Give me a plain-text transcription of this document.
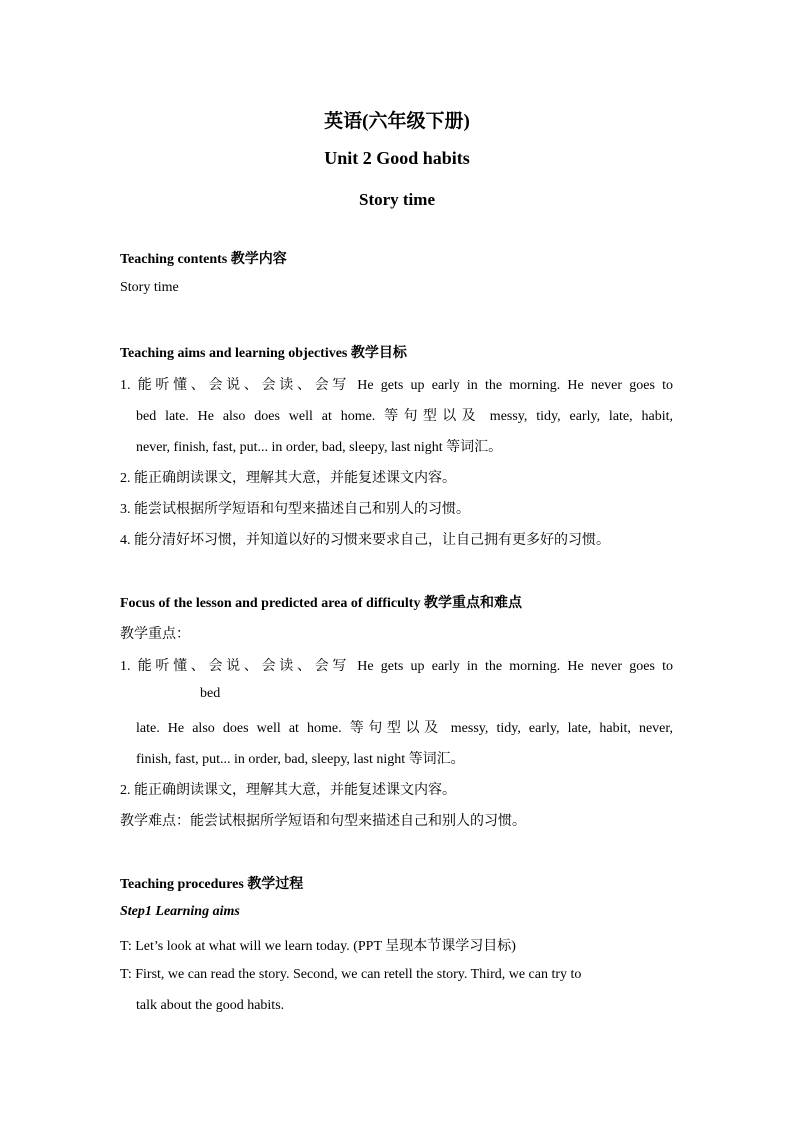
英语(六年级下册)
Unit 2 Good habits
Story time
Teaching contents 教学内容
Story time
Teaching aims and learning objectives 教学目标
1. 能听懂、会说、会读、会写 He gets up early in the morning. He never goes to
bed late. He also does well at home. 等句型以及 messy, tidy, early, late, habit,
never, finish, fast, put... in order, bad, sleepy, last night 等词汇。
2. 能正确朗读课文，理解其大意，并能复述课文内容。
3. 能尝试根据所学短语和句型来描述自己和别人的习惯。
4. 能分清好坏习惯，并知道以好的习惯来要求自己，让自己拥有更多好的习惯。
Focus of the lesson and predicted area of difficulty 教学重点和难点
教学重点：
1. 能听懂、会说、会读、会写 He gets up early in the morning. He never goes to
bed
late. He also does well at home. 等句型以及 messy, tidy, early, late, habit, never,
finish, fast, put... in order, bad, sleepy, last night 等词汇。
2. 能正确朗读课文，理解其大意，并能复述课文内容。
教学难点：能尝试根据所学短语和句型来描述自己和别人的习惯。
Teaching procedures 教学过程
Step1 Learning aims
T: Let’s look at what will we learn today. (PPT 呈现本节课学习目标)
T: First, we can read the story. Second, we can retell the story. Third, we can try to
talk about the good habits.
